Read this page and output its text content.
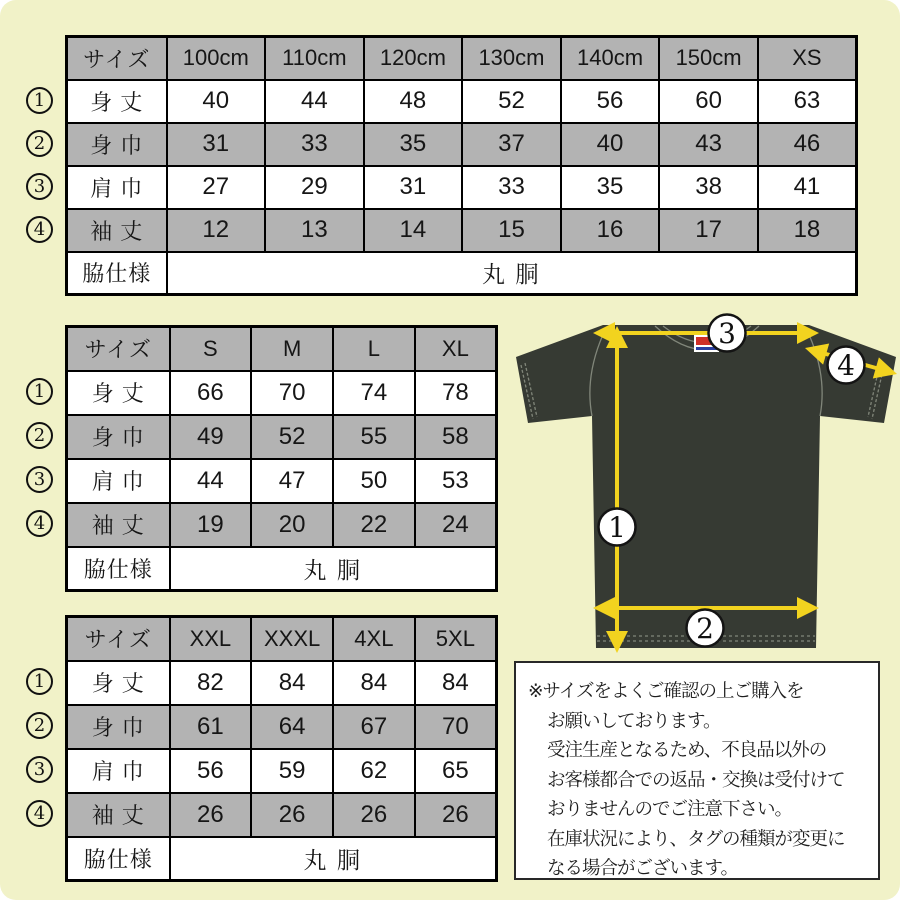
サイズ	100cm	110cm	120cm	130cm	140cm	150cm	XS
身 丈	40	44	48	52	56	60	63
身 巾	31	33	35	37	40	43	46
肩 巾	27	29	31	33	35	38	41
袖 丈	12	13	14	15	16	17	18
脇仕様	丸 胴						
サイズ	S	M	L	XL
身 丈	66	70	74	78
身 巾	49	52	55	58
肩 巾	44	47	50	53
袖 丈	19	20	22	24
脇仕様	丸 胴			
サイズ	XXL	XXXL	4XL	5XL
身 丈	82	84	84	84
身 巾	61	64	67	70
肩 巾	56	59	62	65
袖 丈	26	26	26	26
脇仕様	丸 胴			
1
2
3
4
1
2
3
4
1
2
3
4
3
4
1
2

※サイズをよくご確認の上ご購入を

お願いしております。

受注生産となるため、不良品以外の

お客様都合での返品・交換は受付けて

おりませんのでご注意下さい。

在庫状況により、タグの種類が変更に

なる場合がございます。
